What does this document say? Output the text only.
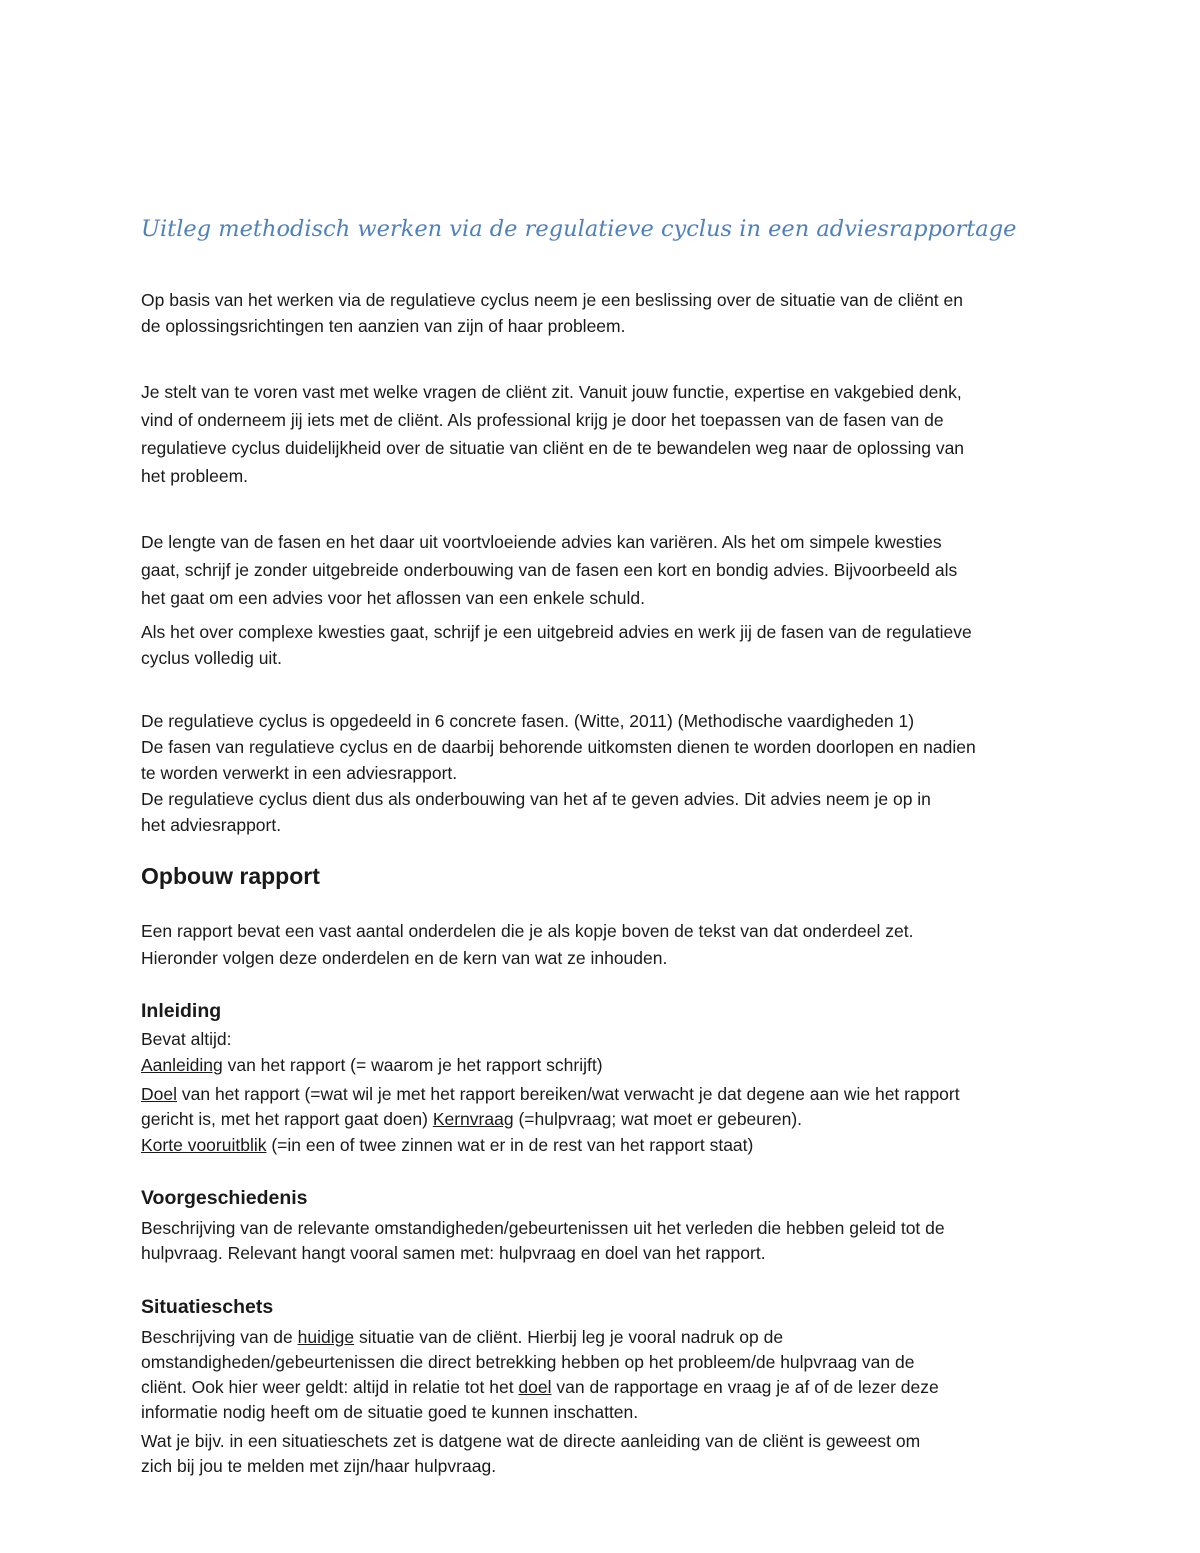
Uitleg methodisch werken via de regulatieve cyclus in een adviesrapportage
Op basis van het werken via de regulatieve cyclus neem je een beslissing over de situatie van de cliënt en
de oplossingsrichtingen ten aanzien van zijn of haar probleem.
Je stelt van te voren vast met welke vragen de cliënt zit. Vanuit jouw functie, expertise en vakgebied denk,
vind of onderneem jij iets met de cliënt. Als professional krijg je door het toepassen van de fasen van de
regulatieve cyclus duidelijkheid over de situatie van cliënt en de te bewandelen weg naar de oplossing van
het probleem.
De lengte van de fasen en het daar uit voortvloeiende advies kan variëren. Als het om simpele kwesties
gaat, schrijf je zonder uitgebreide onderbouwing van de fasen een kort en bondig advies. Bijvoorbeeld als
het gaat om een advies voor het aflossen van een enkele schuld.
Als het over complexe kwesties gaat, schrijf je een uitgebreid advies en werk jij de fasen van de regulatieve
cyclus volledig uit.
De regulatieve cyclus is opgedeeld in 6 concrete fasen. (Witte, 2011) (Methodische vaardigheden 1)
De fasen van regulatieve cyclus en de daarbij behorende uitkomsten dienen te worden doorlopen en nadien
te worden verwerkt in een adviesrapport.
De regulatieve cyclus dient dus als onderbouwing van het af te geven advies. Dit advies neem je op in
het adviesrapport.
Opbouw rapport
Een rapport bevat een vast aantal onderdelen die je als kopje boven de tekst van dat onderdeel zet.
Hieronder volgen deze onderdelen en de kern van wat ze inhouden.
Inleiding
Bevat altijd:
Aanleiding van het rapport (= waarom je het rapport schrijft)
Doel van het rapport (=wat wil je met het rapport bereiken/wat verwacht je dat degene aan wie het rapport
gericht is, met het rapport gaat doen) Kernvraag (=hulpvraag; wat moet er gebeuren).
Korte vooruitblik (=in een of twee zinnen wat er in de rest van het rapport staat)
Voorgeschiedenis
Beschrijving van de relevante omstandigheden/gebeurtenissen uit het verleden die hebben geleid tot de
hulpvraag. Relevant hangt vooral samen met: hulpvraag en doel van het rapport.
Situatieschets
Beschrijving van de huidige situatie van de cliënt. Hierbij leg je vooral nadruk op de
omstandigheden/gebeurtenissen die direct betrekking hebben op het probleem/de hulpvraag van de
cliënt. Ook hier weer geldt: altijd in relatie tot het doel van de rapportage en vraag je af of de lezer deze
informatie nodig heeft om de situatie goed te kunnen inschatten.
Wat je bijv. in een situatieschets zet is datgene wat de directe aanleiding van de cliënt is geweest om
zich bij jou te melden met zijn/haar hulpvraag.
